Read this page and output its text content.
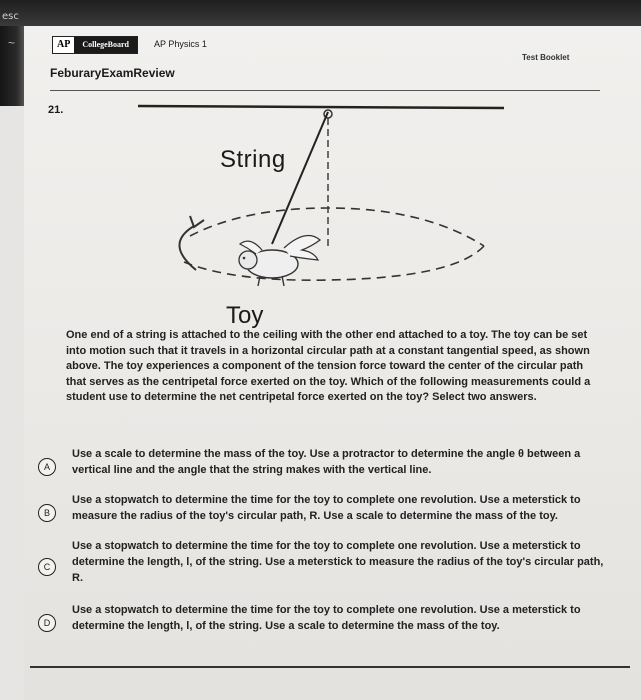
esc
~	AP	CollegeBoard	AP Physics 1
Test Booklet
FeburaryExamReview
21.
String
Toy
One end of a string is attached to the ceiling with the other end attached to a toy. The toy can be set into motion such that it travels in a horizontal circular path at a constant tangential speed, as shown above. The toy experiences a component of the tension force toward the center of the circular path that serves as the centripetal force exerted on the toy. Which of the following measurements could a student use to determine the net centripetal force exerted on the toy? Select two answers.
A
Use a scale to determine the mass of the toy. Use a protractor to determine the angle θ between a vertical line and the angle that the string makes with the vertical line.
B
Use a stopwatch to determine the time for the toy to complete one revolution. Use a meterstick to measure the radius of the toy's circular path, R. Use a scale to determine the mass of the toy.
C
Use a stopwatch to determine the time for the toy to complete one revolution. Use a meterstick to determine the length, l, of the string. Use a meterstick to measure the radius of the toy's circular path, R.
D
Use a stopwatch to determine the time for the toy to complete one revolution. Use a meterstick to determine the length, l, of the string. Use a scale to determine the mass of the toy.
